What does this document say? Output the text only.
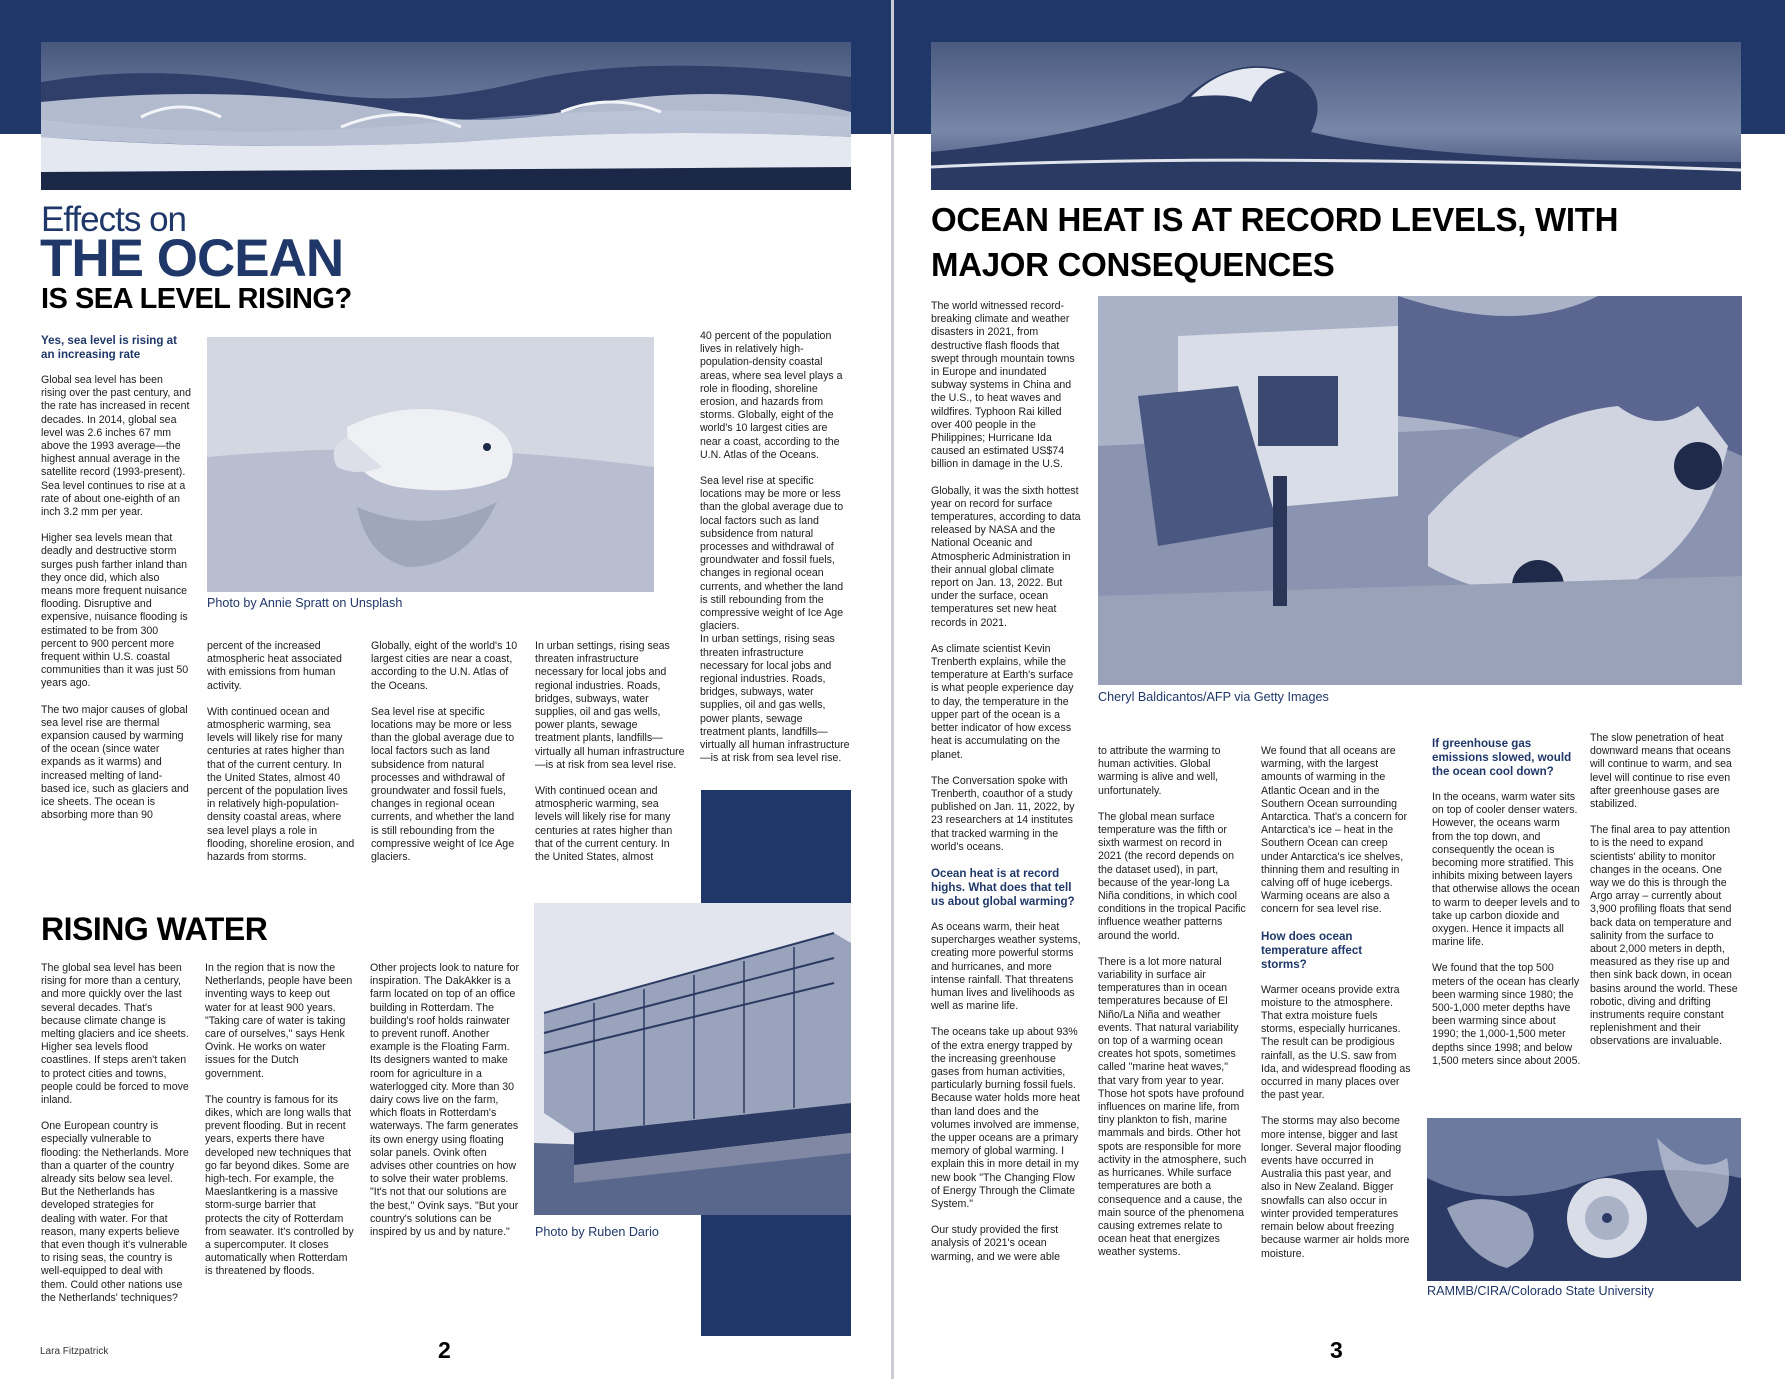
Effects on
THE OCEAN
IS SEA LEVEL RISING?
Yes, sea level is rising at an increasing rate

Global sea level has been rising over the past century, and the rate has increased in recent decades. In 2014, global sea level was 2.6 inches 67 mm above the 1993 average—the highest annual average in the satellite record (1993-present). Sea level continues to rise at a rate of about one-eighth of an inch 3.2 mm per year.

Higher sea levels mean that deadly and destructive storm surges push farther inland than they once did, which also means more frequent nuisance flooding. Disruptive and expensive, nuisance flooding is estimated to be from 300 percent to 900 percent more frequent within U.S. coastal communities than it was just 50 years ago.

The two major causes of global sea level rise are thermal expansion caused by warming of the ocean (since water expands as it warms) and increased melting of land-based ice, such as glaciers and ice sheets. The ocean is absorbing more than 90

Photo by Annie Spratt on Unsplash

percent of the increased atmospheric heat associated with emissions from human activity.

With continued ocean and atmospheric warming, sea levels will likely rise for many centuries at rates higher than that of the current century. In the United States, almost 40 percent of the population lives in relatively high-population-density coastal areas, where sea level plays a role in flooding, shoreline erosion, and hazards from storms.

Globally, eight of the world's 10 largest cities are near a coast, according to the U.N. Atlas of the Oceans.

Sea level rise at specific locations may be more or less than the global average due to local factors such as land subsidence from natural processes and withdrawal of groundwater and fossil fuels, changes in regional ocean currents, and whether the land is still rebounding from the compressive weight of Ice Age glaciers.

In urban settings, rising seas threaten infrastructure necessary for local jobs and regional industries. Roads, bridges, subways, water supplies, oil and gas wells, power plants, sewage treatment plants, landfills—virtually all human infrastructure—is at risk from sea level rise.

With continued ocean and atmospheric warming, sea levels will likely rise for many centuries at rates higher than that of the current century. In the United States, almost

40 percent of the population lives in relatively high-population-density coastal areas, where sea level plays a role in flooding, shoreline erosion, and hazards from storms. Globally, eight of the world's 10 largest cities are near a coast, according to the U.N. Atlas of the Oceans.

Sea level rise at specific locations may be more or less than the global average due to local factors such as land subsidence from natural processes and withdrawal of groundwater and fossil fuels, changes in regional ocean currents, and whether the land is still rebounding from the compressive weight of Ice Age glaciers.
In urban settings, rising seas threaten infrastructure necessary for local jobs and regional industries. Roads, bridges, subways, water supplies, oil and gas wells, power plants, sewage treatment plants, landfills—virtually all human infrastructure—is at risk from sea level rise.

RISING WATER

The global sea level has been rising for more than a century, and more quickly over the last several decades. That's because climate change is melting glaciers and ice sheets. Higher sea levels flood coastlines. If steps aren't taken to protect cities and towns, people could be forced to move inland.

One European country is especially vulnerable to flooding: the Netherlands. More than a quarter of the country already sits below sea level. But the Netherlands has developed strategies for dealing with water. For that reason, many experts believe that even though it's vulnerable to rising seas, the country is well-equipped to deal with them. Could other nations use the Netherlands' techniques?

In the region that is now the Netherlands, people have been inventing ways to keep out water for at least 900 years. "Taking care of water is taking care of ourselves," says Henk Ovink. He works on water issues for the Dutch government.

The country is famous for its dikes, which are long walls that prevent flooding. But in recent years, experts there have developed new techniques that go far beyond dikes. Some are high-tech. For example, the Maeslantkering is a massive storm-surge barrier that protects the city of Rotterdam from seawater. It's controlled by a supercomputer. It closes automatically when Rotterdam is threatened by floods.

Other projects look to nature for inspiration. The DakAkker is a farm located on top of an office building in Rotterdam. The building's roof holds rainwater to prevent runoff. Another example is the Floating Farm. Its designers wanted to make room for agriculture in a waterlogged city. More than 30 dairy cows live on the farm, which floats in Rotterdam's waterways. The farm generates its own energy using floating solar panels. Ovink often advises other countries on how to solve their water problems. "It's not that our solutions are the best," Ovink says. "But your country's solutions can be inspired by us and by nature."	Photo by Ruben Dario
Lara Fitzpatrick	2
OCEAN HEAT IS AT RECORD LEVELS, WITH MAJOR CONSEQUENCES

The world witnessed record-breaking climate and weather disasters in 2021, from destructive flash floods that swept through mountain towns in Europe and inundated subway systems in China and the U.S., to heat waves and wildfires. Typhoon Rai killed over 400 people in the Philippines; Hurricane Ida caused an estimated US$74 billion in damage in the U.S.

Globally, it was the sixth hottest year on record for surface temperatures, according to data released by NASA and the National Oceanic and Atmospheric Administration in their annual global climate report on Jan. 13, 2022. But under the surface, ocean temperatures set new heat records in 2021.

As climate scientist Kevin Trenberth explains, while the temperature at Earth's surface is what people experience day to day, the temperature in the upper part of the ocean is a better indicator of how excess heat is accumulating on the planet.

The Conversation spoke with Trenberth, coauthor of a study published on Jan. 11, 2022, by 23 researchers at 14 institutes that tracked warming in the world's oceans.

Ocean heat is at record highs. What does that tell us about global warming?

As oceans warm, their heat supercharges weather systems, creating more powerful storms and hurricanes, and more intense rainfall. That threatens human lives and livelihoods as well as marine life.

The oceans take up about 93% of the extra energy trapped by the increasing greenhouse gases from human activities, particularly burning fossil fuels. Because water holds more heat than land does and the volumes involved are immense, the upper oceans are a primary memory of global warming. I explain this in more detail in my new book "The Changing Flow of Energy Through the Climate System."

Our study provided the first analysis of 2021's ocean warming, and we were able

Cheryl Baldicantos/AFP via Getty Images

to attribute the warming to human activities. Global warming is alive and well, unfortunately.

The global mean surface temperature was the fifth or sixth warmest on record in 2021 (the record depends on the dataset used), in part, because of the year-long La Niña conditions, in which cool conditions in the tropical Pacific influence weather patterns around the world.

There is a lot more natural variability in surface air temperatures than in ocean temperatures because of El Niño/La Niña and weather events. That natural variability on top of a warming ocean creates hot spots, sometimes called "marine heat waves," that vary from year to year. Those hot spots have profound influences on marine life, from tiny plankton to fish, marine mammals and birds. Other hot spots are responsible for more activity in the atmosphere, such as hurricanes. While surface temperatures are both a consequence and a cause, the main source of the phenomena causing extremes relate to ocean heat that energizes weather systems.

We found that all oceans are warming, with the largest amounts of warming in the Atlantic Ocean and in the Southern Ocean surrounding Antarctica. That's a concern for Antarctica's ice – heat in the Southern Ocean can creep under Antarctica's ice shelves, thinning them and resulting in calving off of huge icebergs. Warming oceans are also a concern for sea level rise.

How does ocean temperature affect storms?

Warmer oceans provide extra moisture to the atmosphere. That extra moisture fuels storms, especially hurricanes. The result can be prodigious rainfall, as the U.S. saw from Ida, and widespread flooding as occurred in many places over the past year.

The storms may also become more intense, bigger and last longer. Several major flooding events have occurred in Australia this past year, and also in New Zealand. Bigger snowfalls can also occur in winter provided temperatures remain below about freezing because warmer air holds more moisture.

If greenhouse gas emissions slowed, would the ocean cool down?

In the oceans, warm water sits on top of cooler denser waters. However, the oceans warm from the top down, and consequently the ocean is becoming more stratified. This inhibits mixing between layers that otherwise allows the ocean to warm to deeper levels and to take up carbon dioxide and oxygen. Hence it impacts all marine life.

We found that the top 500 meters of the ocean has clearly been warming since 1980; the 500-1,000 meter depths have been warming since about 1990; the 1,000-1,500 meter depths since 1998; and below 1,500 meters since about 2005.

The slow penetration of heat downward means that oceans will continue to warm, and sea level will continue to rise even after greenhouse gases are stabilized.

The final area to pay attention to is the need to expand scientists' ability to monitor changes in the oceans. One way we do this is through the Argo array – currently about 3,900 profiling floats that send back data on temperature and salinity from the surface to about 2,000 meters in depth, measured as they rise up and then sink back down, in ocean basins around the world. These robotic, diving and drifting instruments require constant replenishment and their observations are invaluable.

RAMMB/CIRA/Colorado State University
3
